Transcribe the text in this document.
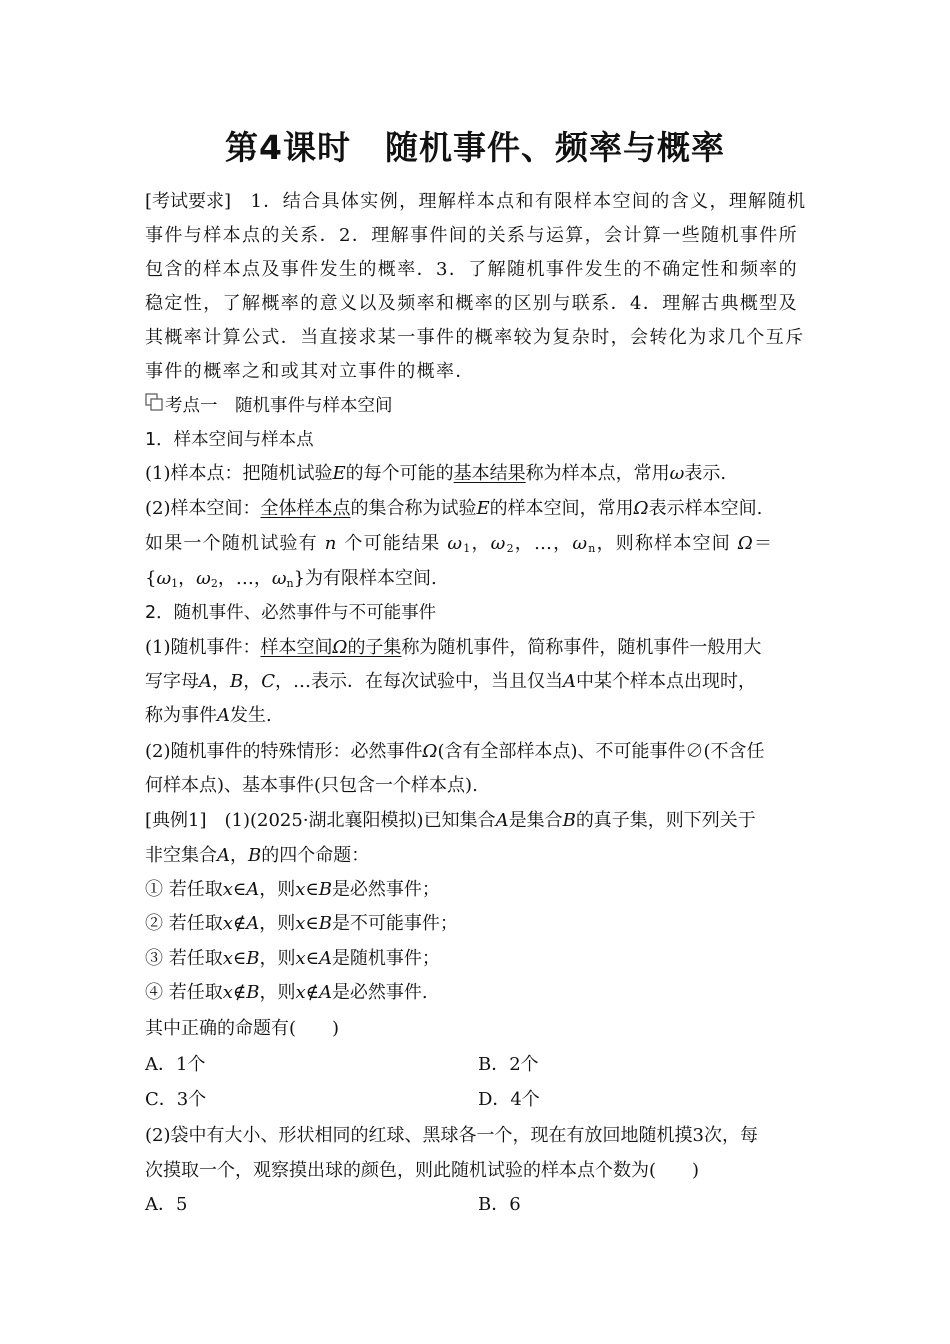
第4课时 随机事件、频率与概率

[考试要求]　 1．结合具体实例，理解样本点和有限样本空间的含义，理解随机事件与样本点的关系．2．理解事件间的关系与运算，会计算一些随机事件所包含的样本点及事件发生的概率．3．了解随机事件发生的不确定性和频率的稳定性，了解概率的意义以及频率和概率的区别与联系．4．理解古典概型及其概率计算公式．当直接求某一事件的概率较为复杂时，会转化为求几个互斥事件的概率之和或其对立事件的概率．

考点一　随机事件与样本空间
1．样本空间与样本点
(1)样本点：把随机试验E的每个可能的基本结果称为样本点，常用ω表示.
(2)样本空间：全体样本点的集合称为试验E的样本空间，常用Ω表示样本空间.
如果一个随机试验有 n 个可能结果 $\omega_1$，$\omega_2$，…，$\omega_n$，则称样本空间 Ω＝
{$\omega_1$，$\omega_2$，…，$\omega_n$}为有限样本空间.
2．随机事件、必然事件与不可能事件
(1)随机事件：样本空间Ω的子集称为随机事件，简称事件，随机事件一般用大
写字母A，B，C，…表示．在每次试验中，当且仅当A中某个样本点出现时，
称为事件A发生.
(2)随机事件的特殊情形：必然事件Ω(含有全部样本点)、不可能事件∅(不含任
何样本点)、基本事件(只包含一个样本点).
[典例1]　 (1)(2025·湖北襄阳模拟)已知集合A是集合B的真子集，则下列关于
非空集合A，B的四个命题：
① 若任取x∈A，则x∈B是必然事件；
② 若任取x∉A，则x∈B是不可能事件；
③ 若任取x∈B，则x∈A是随机事件；
④ 若任取x∉B，则x∉A是必然事件.
其中正确的命题有(　　)
A．1个	B．2个
C．3个	D．4个
(2)袋中有大小、形状相同的红球、黑球各一个，现在有放回地随机摸3次，每
次摸取一个，观察摸出球的颜色，则此随机试验的样本点个数为(　　)
A．5	B．6
